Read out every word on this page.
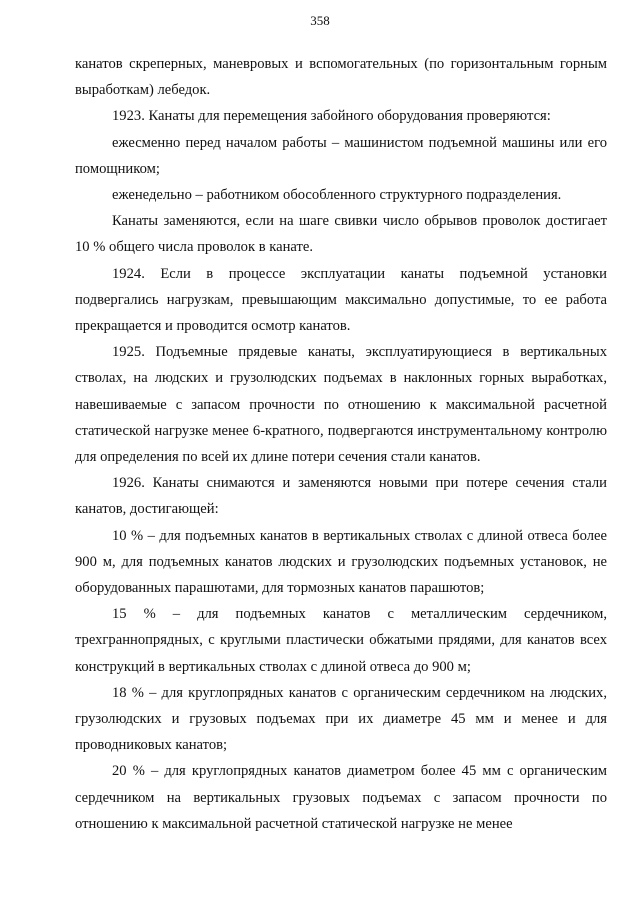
358

канатов скреперных, маневровых и вспомогательных (по горизонтальным горным выработкам) лебедок.

1923. Канаты для перемещения забойного оборудования проверяются:

ежесменно перед началом работы – машинистом подъемной машины или его помощником;

еженедельно – работником обособленного структурного подразделения.

Канаты заменяются, если на шаге свивки число обрывов проволок достигает 10 % общего числа проволок в канате.

1924. Если в процессе эксплуатации канаты подъемной установки подвергались нагрузкам, превышающим максимально допустимые, то ее работа прекращается и проводится осмотр канатов.

1925. Подъемные прядевые канаты, эксплуатирующиеся в вертикальных стволах, на людских и грузолюдских подъемах в наклонных горных выработках, навешиваемые с запасом прочности по отношению к максимальной расчетной статической нагрузке менее 6-кратного, подвергаются инструментальному контролю для определения по всей их длине потери сечения стали канатов.

1926. Канаты снимаются и заменяются новыми при потере сечения стали канатов, достигающей:

10 % – для подъемных канатов в вертикальных стволах с длиной отвеса более 900 м, для подъемных канатов людских и грузолюдских подъемных установок, не оборудованных парашютами, для тормозных канатов парашютов;

15 % – для подъемных канатов с металлическим сердечником, трехграннопрядных, с круглыми пластически обжатыми прядями, для канатов всех конструкций в вертикальных стволах с длиной отвеса до 900 м;

18 % – для круглопрядных канатов с органическим сердечником на людских, грузолюдских и грузовых подъемах при их диаметре 45 мм и менее и для проводниковых канатов;

20 % – для круглопрядных канатов диаметром более 45 мм с органическим сердечником на вертикальных грузовых подъемах с запасом прочности по отношению к максимальной расчетной статической нагрузке не менее
